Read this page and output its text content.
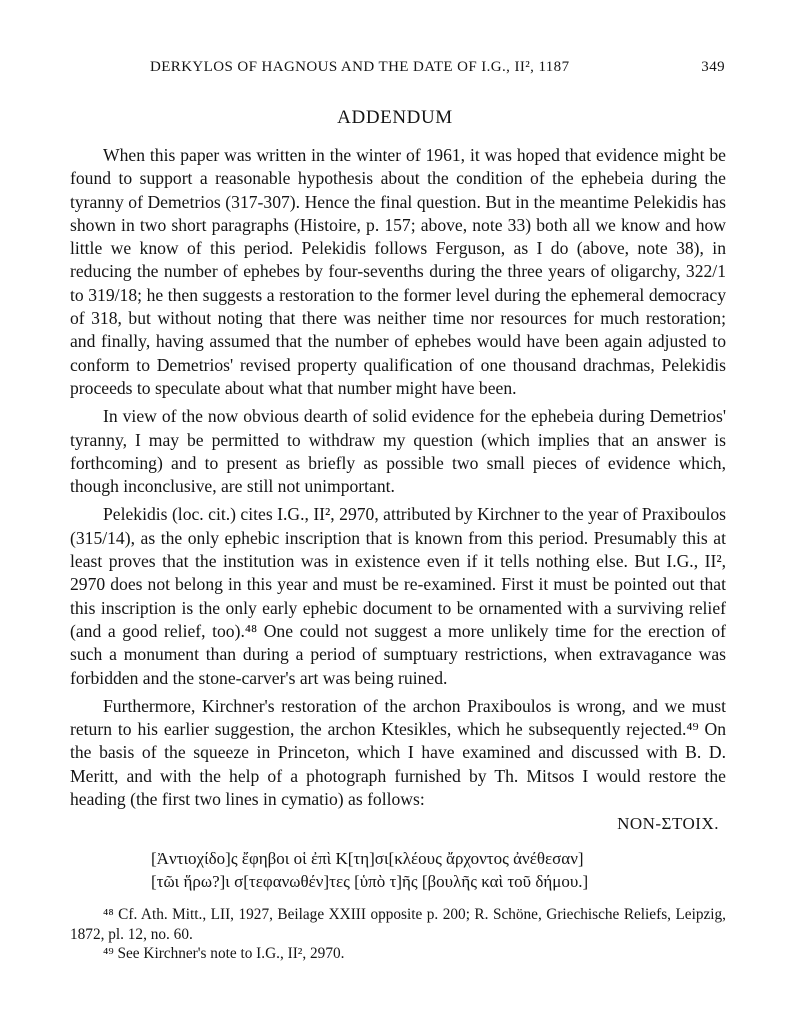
DERKYLOS OF HAGNOUS AND THE DATE OF I.G., II², 1187	349
ADDENDUM

When this paper was written in the winter of 1961, it was hoped that evidence might be found to support a reasonable hypothesis about the condition of the ephebeia during the tyranny of Demetrios (317-307). Hence the final question. But in the meantime Pelekidis has shown in two short paragraphs (Histoire, p. 157; above, note 33) both all we know and how little we know of this period. Pelekidis follows Ferguson, as I do (above, note 38), in reducing the number of ephebes by four-sevenths during the three years of oligarchy, 322/1 to 319/18; he then suggests a restoration to the former level during the ephemeral democracy of 318, but without noting that there was neither time nor resources for much restoration; and finally, having assumed that the number of ephebes would have been again adjusted to conform to Demetrios' revised property qualification of one thousand drachmas, Pelekidis proceeds to speculate about what that number might have been.

In view of the now obvious dearth of solid evidence for the ephebeia during Demetrios' tyranny, I may be permitted to withdraw my question (which implies that an answer is forthcoming) and to present as briefly as possible two small pieces of evidence which, though inconclusive, are still not unimportant.

Pelekidis (loc. cit.) cites I.G., II², 2970, attributed by Kirchner to the year of Praxiboulos (315/14), as the only ephebic inscription that is known from this period. Presumably this at least proves that the institution was in existence even if it tells nothing else. But I.G., II², 2970 does not belong in this year and must be re-examined. First it must be pointed out that this inscription is the only early ephebic document to be ornamented with a surviving relief (and a good relief, too).⁴⁸ One could not suggest a more unlikely time for the erection of such a monument than during a period of sumptuary restrictions, when extravagance was forbidden and the stone-carver's art was being ruined.

Furthermore, Kirchner's restoration of the archon Praxiboulos is wrong, and we must return to his earlier suggestion, the archon Ktesikles, which he subsequently rejected.⁴⁹ On the basis of the squeeze in Princeton, which I have examined and discussed with B. D. Meritt, and with the help of a photograph furnished by Th. Mitsos I would restore the heading (the first two lines in cymatio) as follows:

NON-ΣΤΟΙΧ.
[Ἀντιοχίδο]ς ἔφηβοι οἱ ἐπὶ Κ[τη]σι[κλέους ἄρχοντος ἀνέθεσαν]
[τῶι ἥρω?]ι σ[τεφανωθέν]τες [ὑπὸ τ]ῆς [βουλῆς καὶ τοῦ δήμου.]

⁴⁸ Cf. Ath. Mitt., LII, 1927, Beilage XXIII opposite p. 200; R. Schöne, Griechische Reliefs, Leipzig, 1872, pl. 12, no. 60.

⁴⁹ See Kirchner's note to I.G., II², 2970.
